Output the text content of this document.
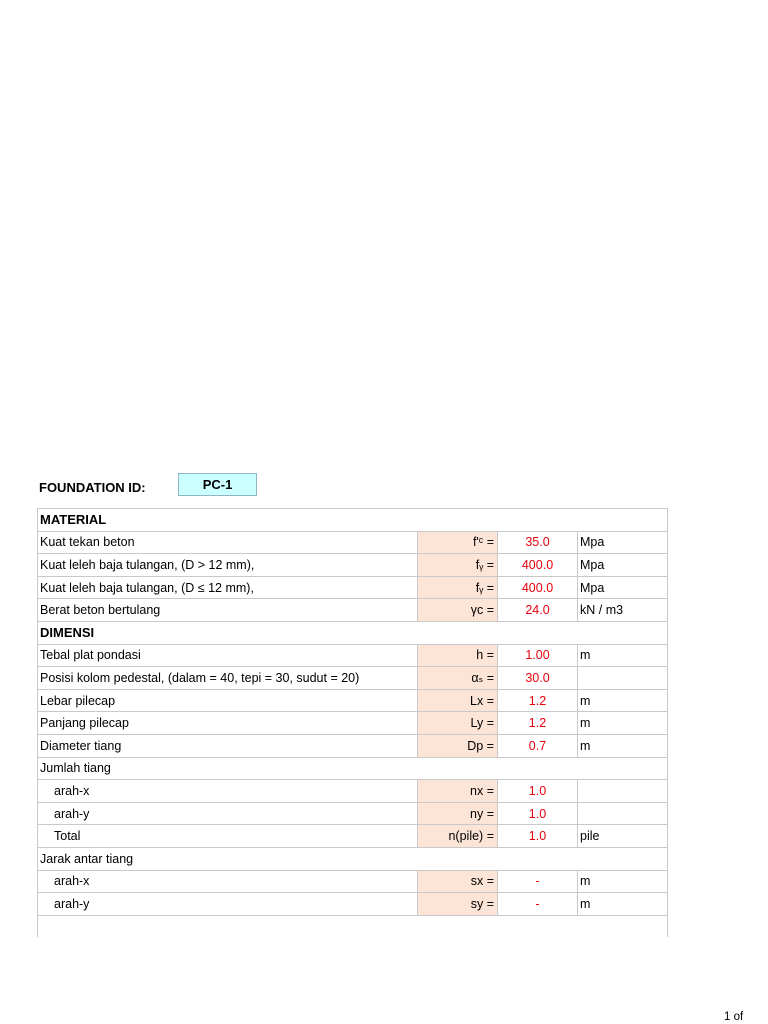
FOUNDATION ID:	PC-1
MATERIAL			
Kuat tekan beton	f'ᶜ =	35.0	Mpa
Kuat leleh baja tulangan, (D > 12 mm),	fᵧ =	400.0	Mpa
Kuat leleh baja tulangan, (D ≤ 12 mm),	fᵧ =	400.0	Mpa
Berat beton bertulang	γc =	24.0	kN / m3
DIMENSI			
Tebal plat pondasi	h =	1.00	m
Posisi kolom pedestal, (dalam = 40, tepi = 30, sudut = 20)	αₛ =	30.0	
Lebar pilecap	Lx =	1.2	m
Panjang pilecap	Ly =	1.2	m
Diameter tiang	Dp =	0.7	m
Jumlah tiang			
arah-x	nx =	1.0	
arah-y	ny =	1.0	
Total	n(pile) =	1.0	pile
Jarak antar tiang			
arah-x	sx =	-	m
arah-y	sy =	-	m

1 of
